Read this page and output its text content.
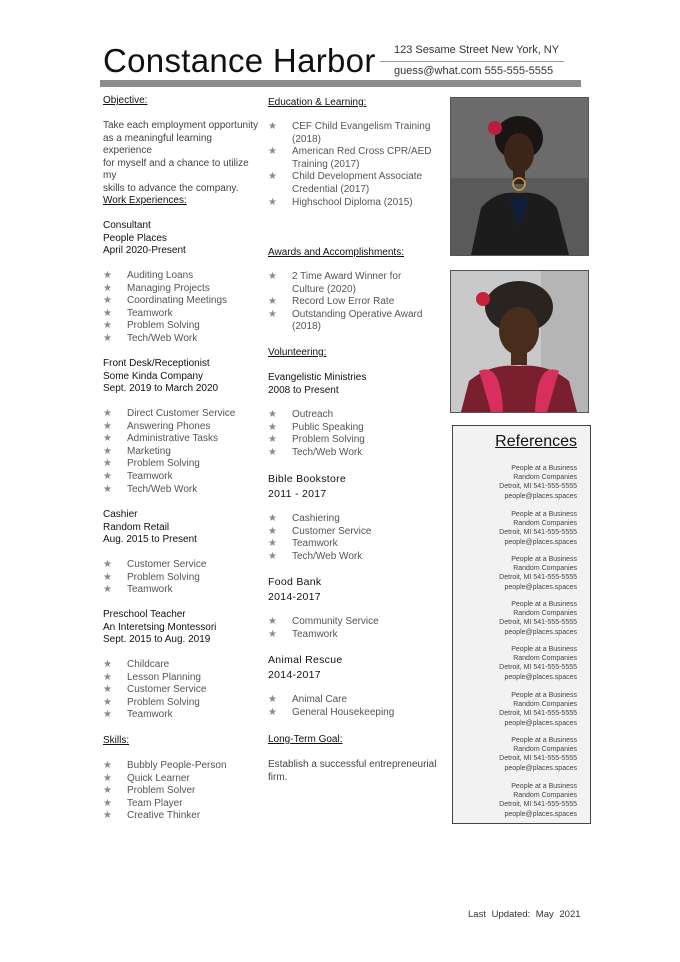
Constance Harbor 123 Sesame Street New York, NY
guess@what.com 555-555-5555
Objective:
Take each employment opportunity
as a meaningful learning experience
for myself and a chance to utilize
my
skills to advance the company.
Work Experiences:
Consultant
People Places
April 2020-Present
★ Auditing Loans
★ Managing Projects
★ Coordinating Meetings
★ Teamwork
★ Problem Solving
★ Tech/Web Work
Front Desk/Receptionist
Some Kinda Company
Sept. 2019 to March 2020
★ Direct Customer Service
★ Answering Phones
★ Administrative Tasks
★ Marketing
★ Problem Solving
★ Teamwork
★ Tech/Web Work
Cashier
Random Retail
Aug. 2015 to Present
★ Customer Service
★ Problem Solving
★ Teamwork
Preschool Teacher
An Interetsing Montessori
Sept. 2015 to Aug. 2019
★ Childcare
★ Lesson Planning
★ Customer Service
★ Problem Solving
★ Teamwork
Skills:
★ Bubbly People-Person
★ Quick Learner
★ Problem Solver
★ Team Player
★ Creative Thinker
Education & Learning:
★ CEF Child Evangelism Training (2018)
★ American Red Cross CPR/AED Training (2017)
★ Child Development Associate Credential (2017)
★ Highschool Diploma (2015)
Awards and Accomplishments:
★ 2 Time Award Winner for Culture (2020)
★ Record Low Error Rate
★ Outstanding Operative Award (2018)
Volunteering:
Evangelistic Ministries
2008 to Present
★ Outreach
★ Public Speaking
★ Problem Solving
★ Tech/Web Work
Bible Bookstore
2011 - 2017
★ Cashiering
★ Customer Service
★ Teamwork
★ Tech/Web Work
Food Bank
2014-2017
★ Community Service
★ Teamwork
Animal Rescue
2014-2017
★ Animal Care
★ General Housekeeping
Long-Term Goal:
Establish a successful entrepreneurial
firm.
References
People at a Business
Random Companies
Detroit, MI 541-555-5555
people@places.spaces
People at a Business
Random Companies
Detroit, MI 541-555-5555
people@places.spaces
People at a Business
Random Companies
Detroit, MI 541-555-5555
people@places.spaces
People at a Business
Random Companies
Detroit, MI 541-555-5555
people@places.spaces
People at a Business
Random Companies
Detroit, MI 541-555-5555
people@places.spaces
People at a Business
Random Companies
Detroit, MI 541-555-5555
people@places.spaces
People at a Business
Random Companies
Detroit, MI 541-555-5555
people@places.spaces
People at a Business
Random Companies
Detroit, MI 541-555-5555
people@places.spaces
Last Updated: May 2021
